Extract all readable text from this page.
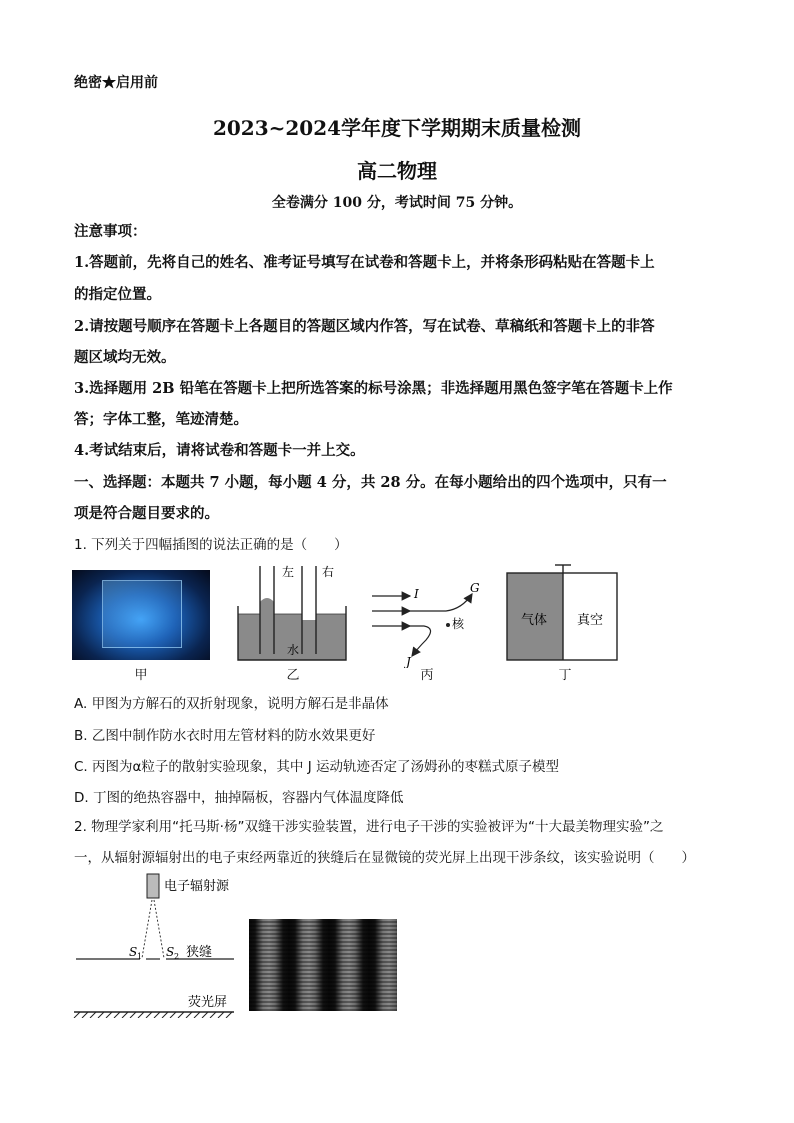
绝密★启用前
2023~2024学年度下学期期末质量检测
高二物理
全卷满分 100 分，考试时间 75 分钟。
注意事项：
1.答题前，先将自己的姓名、准考证号填写在试卷和答题卡上，并将条形码粘贴在答题卡上
的指定位置。
2.请按题号顺序在答题卡上各题目的答题区域内作答，写在试卷、草稿纸和答题卡上的非答
题区域均无效。
3.选择题用 2B 铅笔在答题卡上把所选答案的标号涂黑；非选择题用黑色签字笔在答题卡上作
答；字体工整，笔迹清楚。
4.考试结束后，请将试卷和答题卡一并上交。
一、选择题：本题共 7 小题，每小题 4 分，共 28 分。在每小题给出的四个选项中，只有一
项是符合题目要求的。
1. 下列关于四幅插图的说法正确的是（　　）
甲
左 右
水
乙
I	G
J
核
丙
气体 真空
丁
A. 甲图为方解石的双折射现象，说明方解石是非晶体
B. 乙图中制作防水衣时用左管材料的防水效果更好
C. 丙图为α粒子的散射实验现象，其中 J 运动轨迹否定了汤姆孙的枣糕式原子模型
D. 丁图的绝热容器中，抽掉隔板，容器内气体温度降低
2. 物理学家利用“托马斯·杨”双缝干涉实验装置，进行电子干涉的实验被评为“十大最美物理实验”之
一，从辐射源辐射出的电子束经两靠近的狭缝后在显微镜的荧光屏上出现干涉条纹，该实验说明（　　）
电子辐射源
S 1 S 2 狭缝
荧光屏
